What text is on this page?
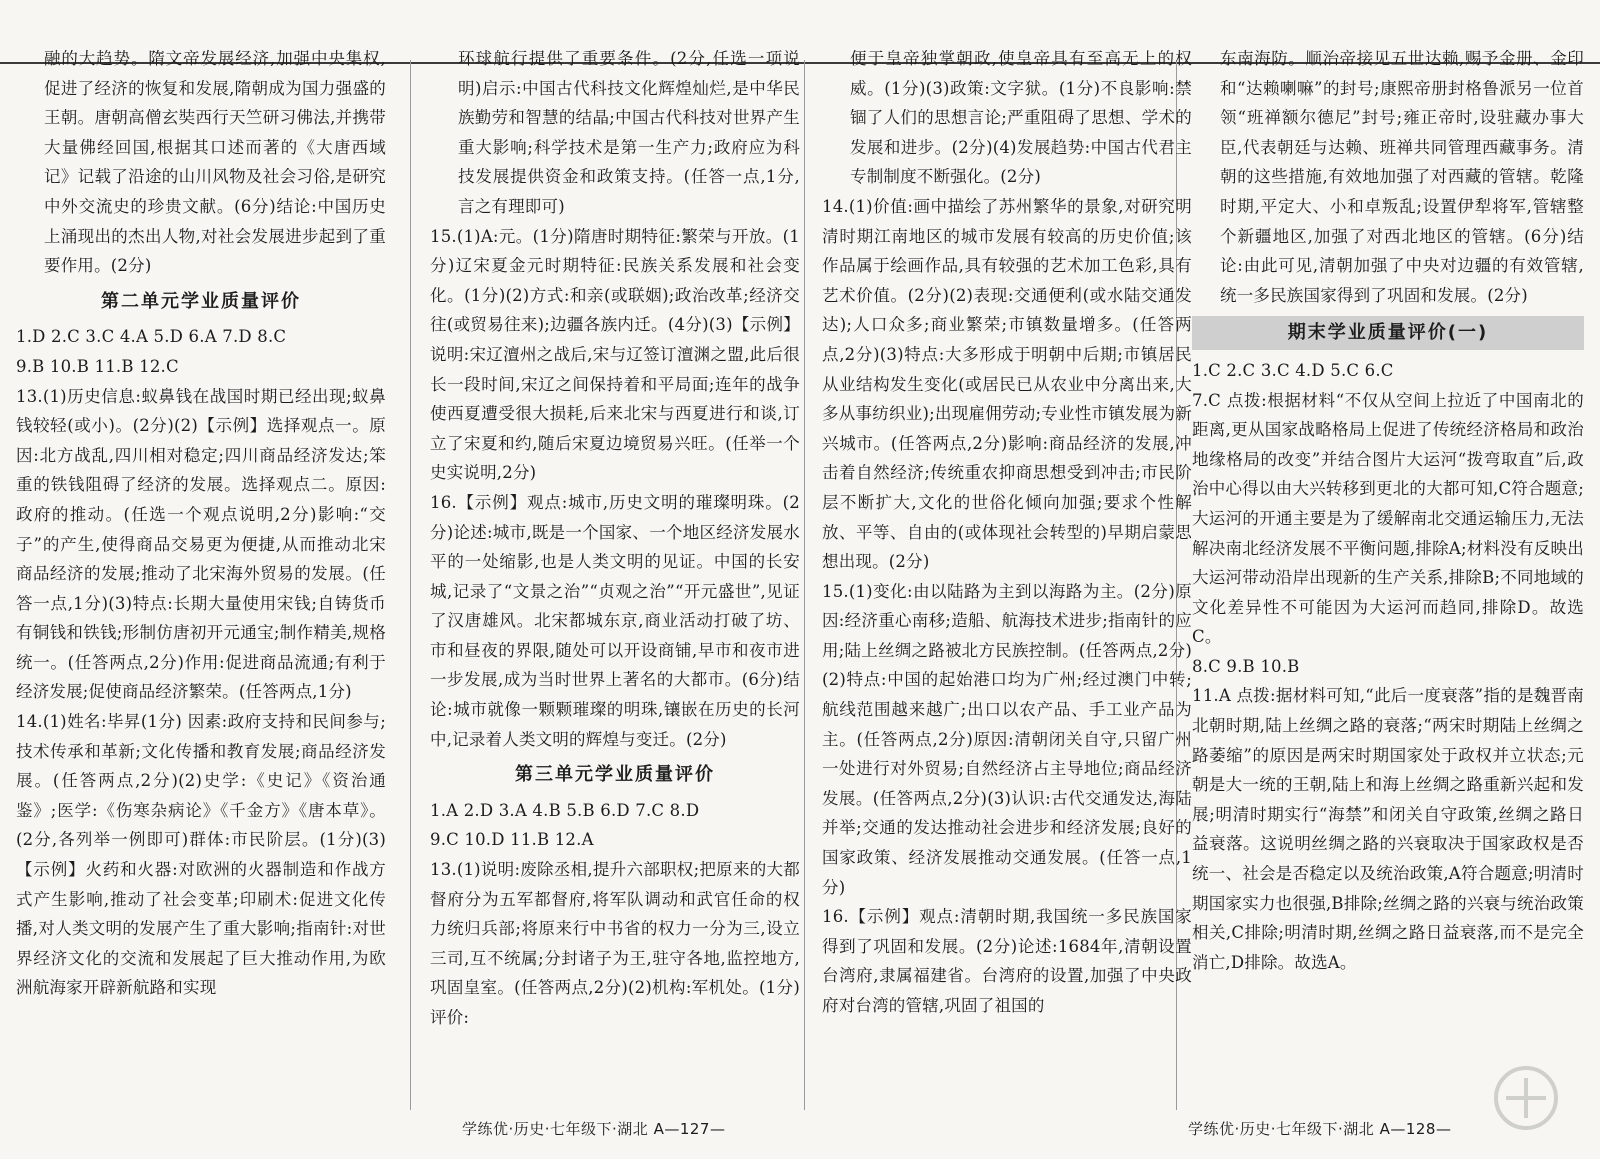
融的大趋势。隋文帝发展经济,加强中央集权,促进了经济的恢复和发展,隋朝成为国力强盛的王朝。唐朝高僧玄奘西行天竺研习佛法,并携带大量佛经回国,根据其口述而著的《大唐西域记》记载了沿途的山川风物及社会习俗,是研究中外交流史的珍贵文献。(6分)结论:中国历史上涌现出的杰出人物,对社会发展进步起到了重要作用。(2分)
第二单元学业质量评价
1.D 2.C 3.C 4.A 5.D 6.A 7.D 8.C
9.B 10.B 11.B 12.C
13.(1)历史信息:蚁鼻钱在战国时期已经出现;蚁鼻钱较轻(或小)。(2分)(2)【示例】选择观点一。原因:北方战乱,四川相对稳定;四川商品经济发达;笨重的铁钱阻碍了经济的发展。选择观点二。原因:政府的推动。(任选一个观点说明,2分)影响:“交子”的产生,使得商品交易更为便捷,从而推动北宋商品经济的发展;推动了北宋海外贸易的发展。(任答一点,1分)(3)特点:长期大量使用宋钱;自铸货币有铜钱和铁钱;形制仿唐初开元通宝;制作精美,规格统一。(任答两点,2分)作用:促进商品流通;有利于经济发展;促使商品经济繁荣。(任答两点,1分)
14.(1)姓名:毕昇(1分) 因素:政府支持和民间参与;技术传承和革新;文化传播和教育发展;商品经济发展。(任答两点,2分)(2)史学:《史记》《资治通鉴》;医学:《伤寒杂病论》《千金方》《唐本草》。(2分,各列举一例即可)群体:市民阶层。(1分)(3)【示例】火药和火器:对欧洲的火器制造和作战方式产生影响,推动了社会变革;印刷术:促进文化传播,对人类文明的发展产生了重大影响;指南针:对世界经济文化的交流和发展起了巨大推动作用,为欧洲航海家开辟新航路和实现
环球航行提供了重要条件。(2分,任选一项说明)启示:中国古代科技文化辉煌灿烂,是中华民族勤劳和智慧的结晶;中国古代科技对世界产生重大影响;科学技术是第一生产力;政府应为科技发展提供资金和政策支持。(任答一点,1分,言之有理即可)
15.(1)A:元。(1分)隋唐时期特征:繁荣与开放。(1分)辽宋夏金元时期特征:民族关系发展和社会变化。(1分)(2)方式:和亲(或联姻);政治改革;经济交往(或贸易往来);边疆各族内迁。(4分)(3)【示例】说明:宋辽澶州之战后,宋与辽签订澶渊之盟,此后很长一段时间,宋辽之间保持着和平局面;连年的战争使西夏遭受很大损耗,后来北宋与西夏进行和谈,订立了宋夏和约,随后宋夏边境贸易兴旺。(任举一个史实说明,2分)
16.【示例】观点:城市,历史文明的璀璨明珠。(2分)论述:城市,既是一个国家、一个地区经济发展水平的一处缩影,也是人类文明的见证。中国的长安城,记录了“文景之治”“贞观之治”“开元盛世”,见证了汉唐雄风。北宋都城东京,商业活动打破了坊、市和昼夜的界限,随处可以开设商铺,早市和夜市进一步发展,成为当时世界上著名的大都市。(6分)结论:城市就像一颗颗璀璨的明珠,镶嵌在历史的长河中,记录着人类文明的辉煌与变迁。(2分)
第三单元学业质量评价
1.A 2.D 3.A 4.B 5.B 6.D 7.C 8.D
9.C 10.D 11.B 12.A
13.(1)说明:废除丞相,提升六部职权;把原来的大都督府分为五军都督府,将军队调动和武官任命的权力统归兵部;将原来行中书省的权力一分为三,设立三司,互不统属;分封诸子为王,驻守各地,监控地方,巩固皇室。(任答两点,2分)(2)机构:军机处。(1分)评价:
便于皇帝独掌朝政,使皇帝具有至高无上的权威。(1分)(3)政策:文字狱。(1分)不良影响:禁锢了人们的思想言论;严重阻碍了思想、学术的发展和进步。(2分)(4)发展趋势:中国古代君主专制制度不断强化。(2分)
14.(1)价值:画中描绘了苏州繁华的景象,对研究明清时期江南地区的城市发展有较高的历史价值;该作品属于绘画作品,具有较强的艺术加工色彩,具有艺术价值。(2分)(2)表现:交通便利(或水陆交通发达);人口众多;商业繁荣;市镇数量增多。(任答两点,2分)(3)特点:大多形成于明朝中后期;市镇居民从业结构发生变化(或居民已从农业中分离出来,大多从事纺织业);出现雇佣劳动;专业性市镇发展为新兴城市。(任答两点,2分)影响:商品经济的发展,冲击着自然经济;传统重农抑商思想受到冲击;市民阶层不断扩大,文化的世俗化倾向加强;要求个性解放、平等、自由的(或体现社会转型的)早期启蒙思想出现。(2分)
15.(1)变化:由以陆路为主到以海路为主。(2分)原因:经济重心南移;造船、航海技术进步;指南针的应用;陆上丝绸之路被北方民族控制。(任答两点,2分)(2)特点:中国的起始港口均为广州;经过澳门中转;航线范围越来越广;出口以农产品、手工业产品为主。(任答两点,2分)原因:清朝闭关自守,只留广州一处进行对外贸易;自然经济占主导地位;商品经济发展。(任答两点,2分)(3)认识:古代交通发达,海陆并举;交通的发达推动社会进步和经济发展;良好的国家政策、经济发展推动交通发展。(任答一点,1分)
16.【示例】观点:清朝时期,我国统一多民族国家得到了巩固和发展。(2分)论述:1684年,清朝设置台湾府,隶属福建省。台湾府的设置,加强了中央政府对台湾的管辖,巩固了祖国的
东南海防。顺治帝接见五世达赖,赐予金册、金印和“达赖喇嘛”的封号;康熙帝册封格鲁派另一位首领“班禅额尔德尼”封号;雍正帝时,设驻藏办事大臣,代表朝廷与达赖、班禅共同管理西藏事务。清朝的这些措施,有效地加强了对西藏的管辖。乾隆时期,平定大、小和卓叛乱;设置伊犁将军,管辖整个新疆地区,加强了对西北地区的管辖。(6分)结论:由此可见,清朝加强了中央对边疆的有效管辖,统一多民族国家得到了巩固和发展。(2分)
期末学业质量评价(一)
1.C 2.C 3.C 4.D 5.C 6.C
7.C 点拨:根据材料“不仅从空间上拉近了中国南北的距离,更从国家战略格局上促进了传统经济格局和政治地缘格局的改变”并结合图片大运河“拨弯取直”后,政治中心得以由大兴转移到更北的大都可知,C符合题意;大运河的开通主要是为了缓解南北交通运输压力,无法解决南北经济发展不平衡问题,排除A;材料没有反映出大运河带动沿岸出现新的生产关系,排除B;不同地域的文化差异性不可能因为大运河而趋同,排除D。故选C。
8.C 9.B 10.B
11.A 点拨:据材料可知,“此后一度衰落”指的是魏晋南北朝时期,陆上丝绸之路的衰落;“两宋时期陆上丝绸之路萎缩”的原因是两宋时期国家处于政权并立状态;元朝是大一统的王朝,陆上和海上丝绸之路重新兴起和发展;明清时期实行“海禁”和闭关自守政策,丝绸之路日益衰落。这说明丝绸之路的兴衰取决于国家政权是否统一、社会是否稳定以及统治政策,A符合题意;明清时期国家实力也很强,B排除;丝绸之路的兴衰与统治政策相关,C排除;明清时期,丝绸之路日益衰落,而不是完全消亡,D排除。故选A。
学练优·历史·七年级下·湖北 A—127—	学练优·历史·七年级下·湖北 A—128—
